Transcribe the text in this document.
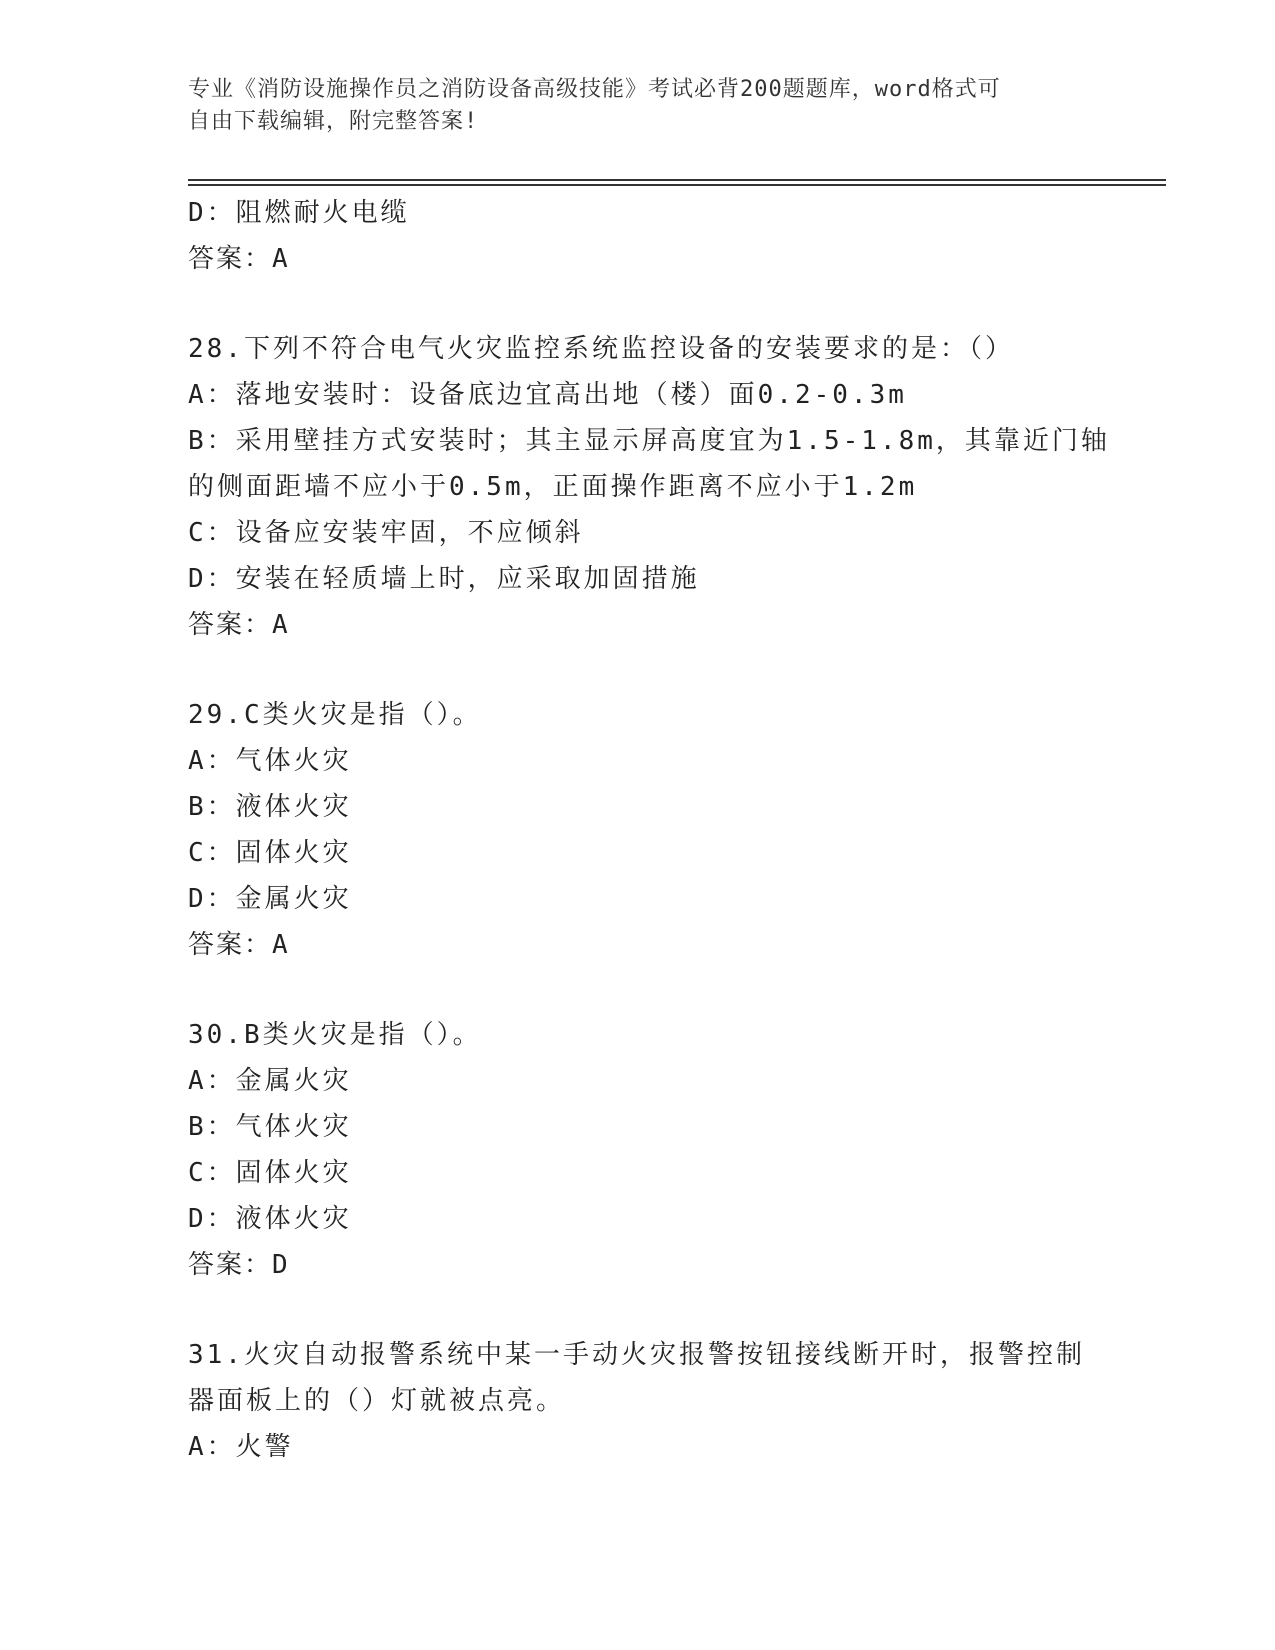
专业《消防设施操作员之消防设备高级技能》考试必背200题题库，word格式可
自由下载编辑，附完整答案!
D：阻燃耐火电缆
答案：A
28.下列不符合电气火灾监控系统监控设备的安装要求的是：（）
A：落地安装时：设备底边宜高出地（楼）面0.2-0.3m
B：采用壁挂方式安装时；其主显示屏高度宜为1.5-1.8m，其靠近门轴
的侧面距墙不应小于0.5m，正面操作距离不应小于1.2m
C：设备应安装牢固，不应倾斜
D：安装在轻质墙上时，应采取加固措施
答案：A
29.C类火灾是指（）。
A：气体火灾
B：液体火灾
C：固体火灾
D：金属火灾
答案：A
30.B类火灾是指（）。
A：金属火灾
B：气体火灾
C：固体火灾
D：液体火灾
答案：D
31.火灾自动报警系统中某一手动火灾报警按钮接线断开时，报警控制
器面板上的（）灯就被点亮。
A：火警
